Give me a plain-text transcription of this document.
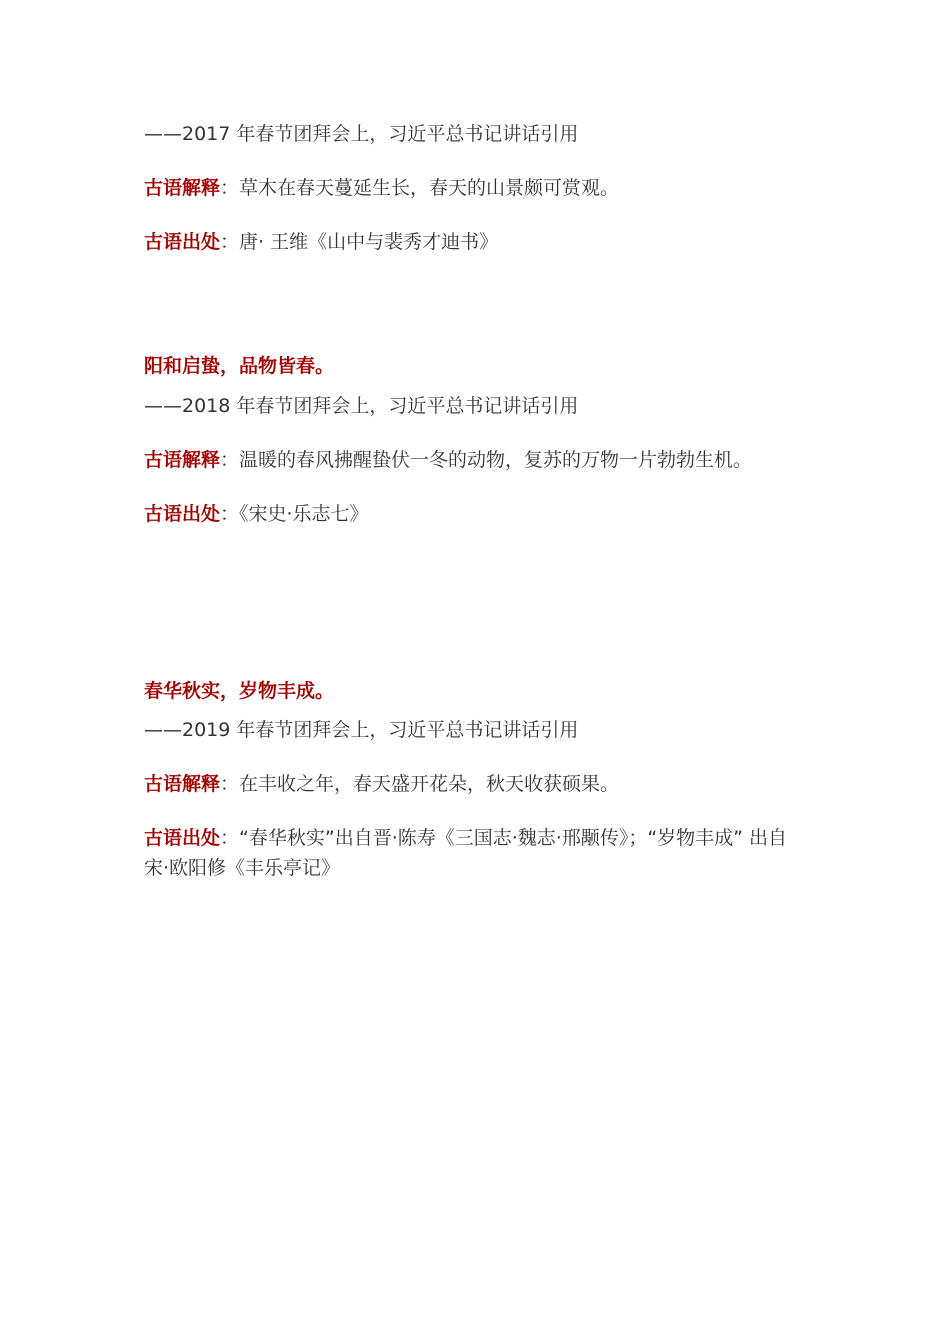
——2017 年春节团拜会上，习近平总书记讲话引用
古语解释：草木在春天蔓延生长，春天的山景颇可赏观。
古语出处：唐· 王维《山中与裴秀才迪书》
阳和启蛰，品物皆春。
——2018 年春节团拜会上，习近平总书记讲话引用
古语解释：温暖的春风拂醒蛰伏一冬的动物，复苏的万物一片勃勃生机。
古语出处：《宋史·乐志七》
春华秋实，岁物丰成。
——2019 年春节团拜会上，习近平总书记讲话引用
古语解释：在丰收之年，春天盛开花朵，秋天收获硕果。
古语出处：“春华秋实”出自晋·陈寿《三国志·魏志·邢颙传》；“岁物丰成” 出自宋·欧阳修《丰乐亭记》
